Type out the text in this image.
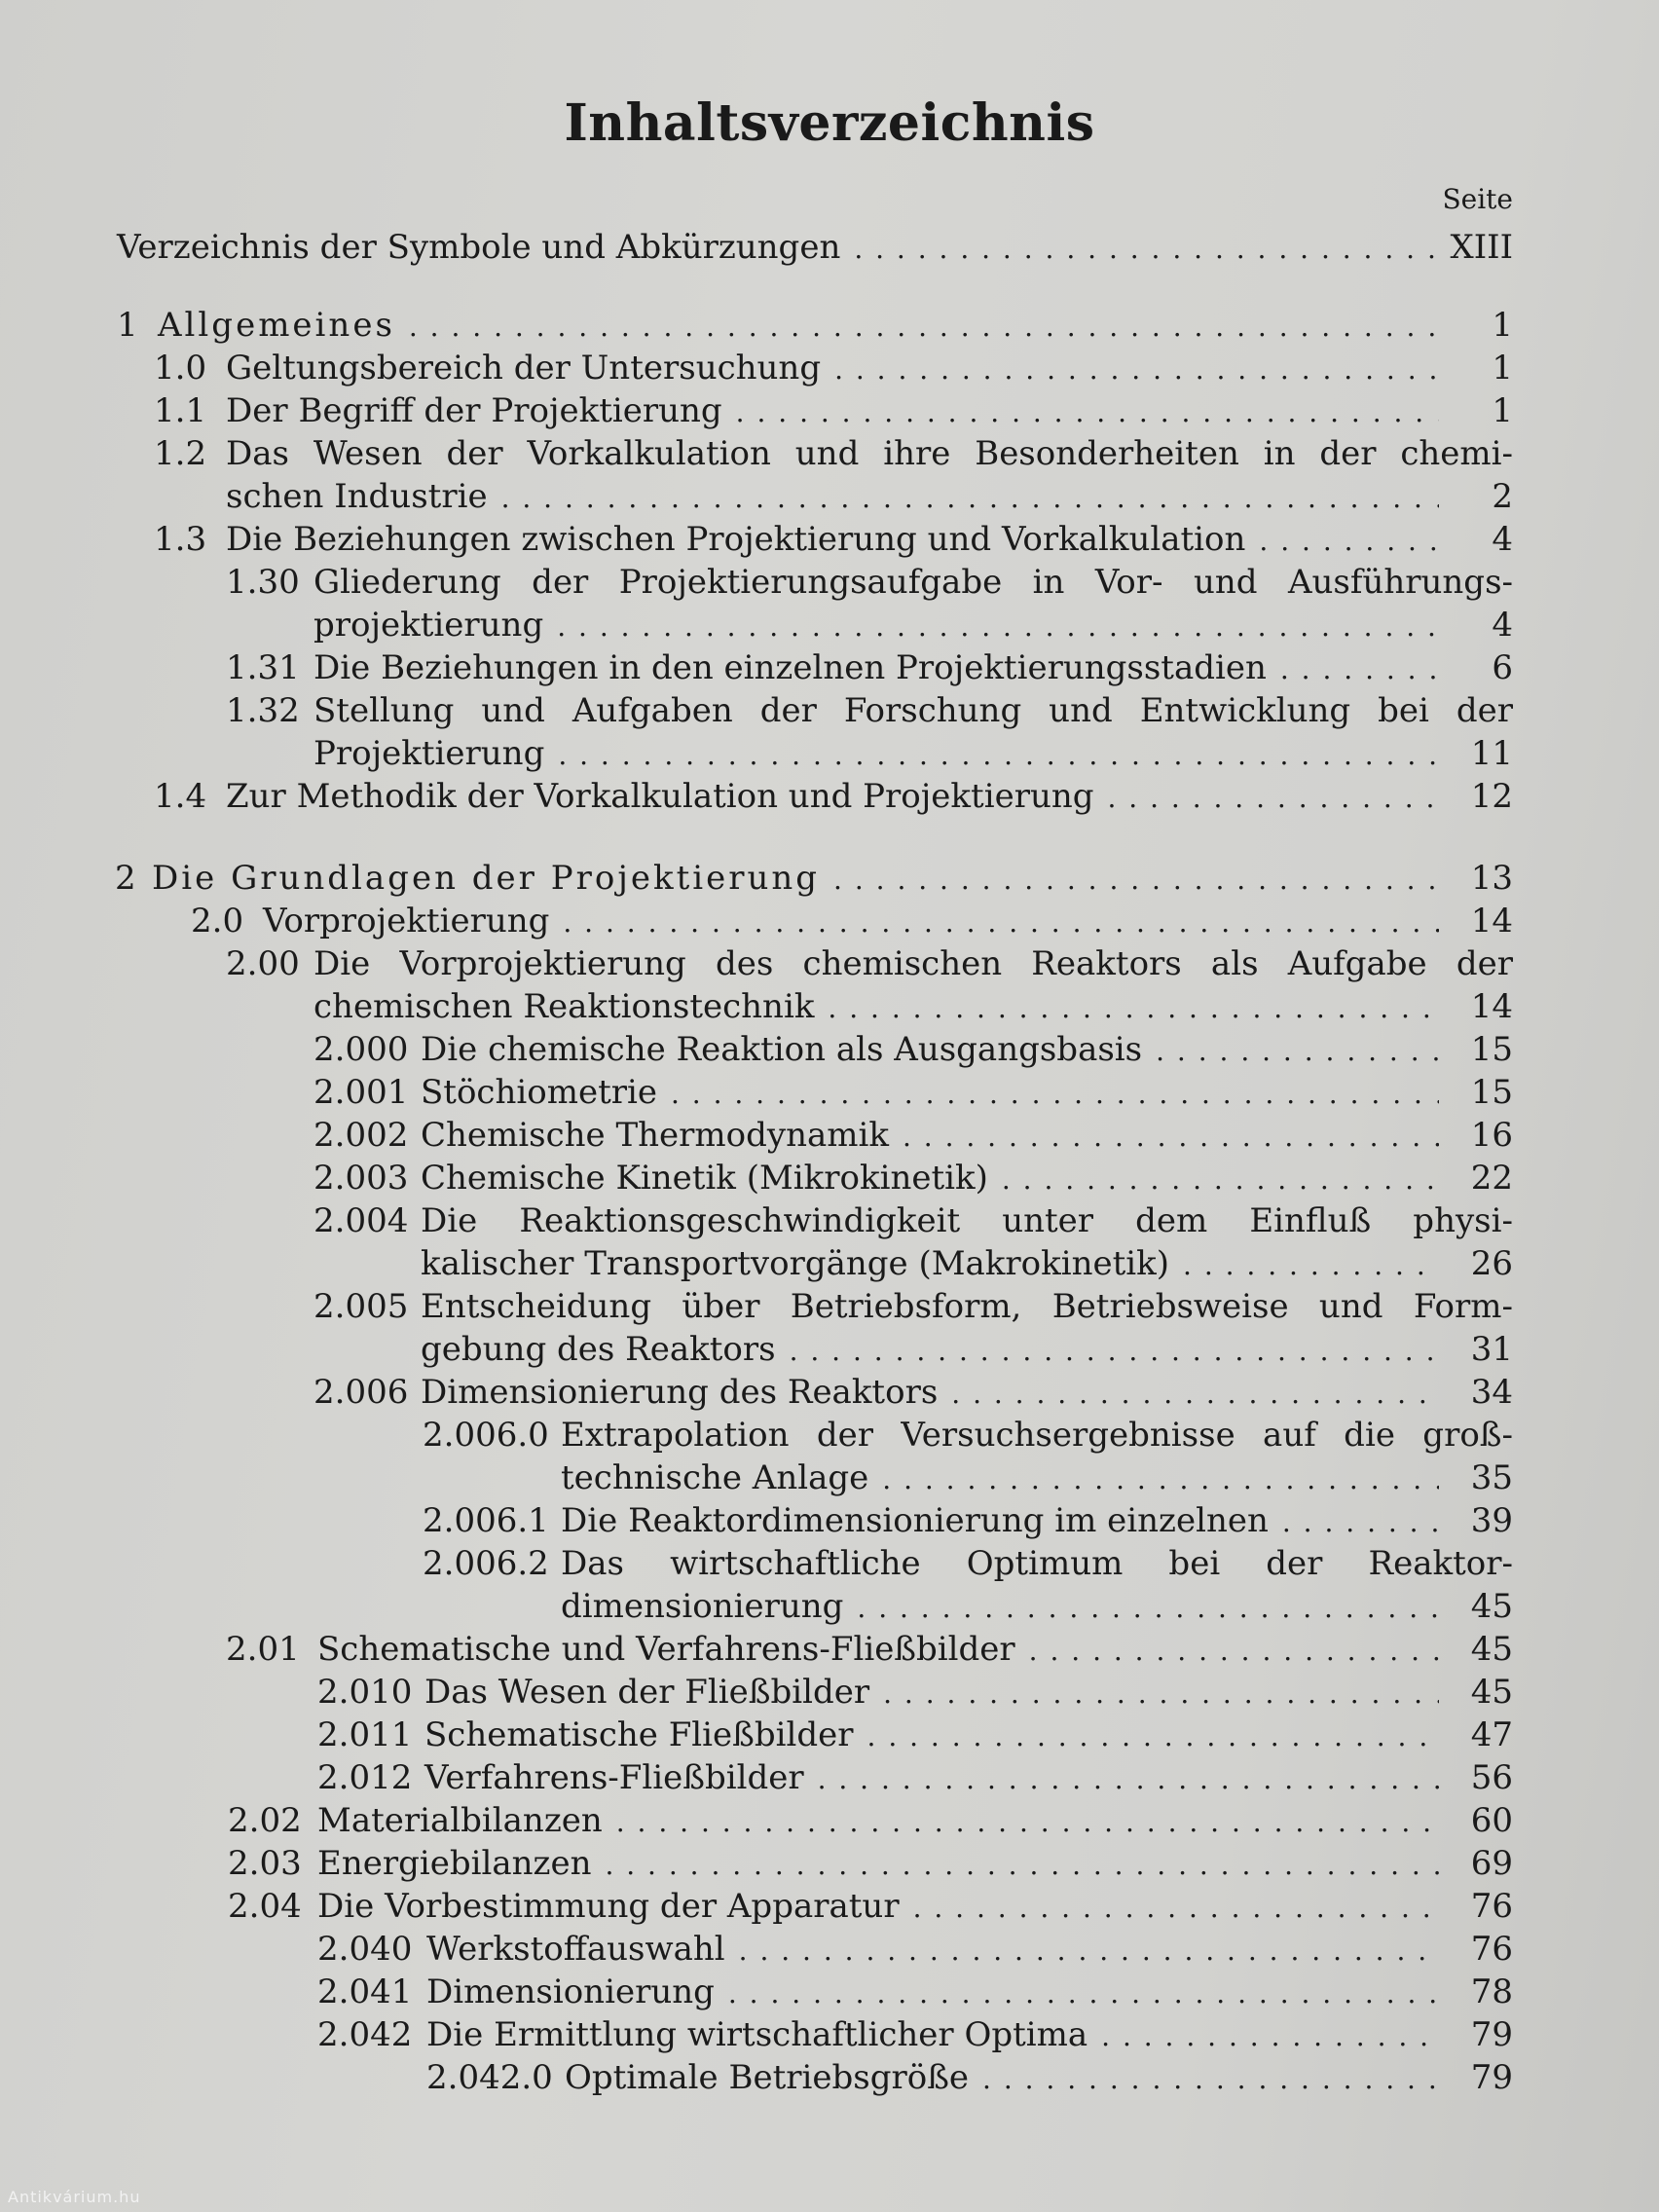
Inhaltsverzeichnis
Seite
Verzeichnis der Symbole und Abkürzungen . . .	XIII
1 Allgemeines . . .	1
1.0 Geltungsbereich der Untersuchung . . .	1
1.1 Der Begriff der Projektierung . . .	1
1.2 Das Wesen der Vorkalkulation und ihre Besonderheiten in der chemi-
schen Industrie . . .	2
1.3 Die Beziehungen zwischen Projektierung und Vorkalkulation . . .	4
1.30 Gliederung der Projektierungsaufgabe in Vor- und Ausführungs-
projektierung . . .	4
1.31 Die Beziehungen in den einzelnen Projektierungsstadien . . .	6
1.32 Stellung und Aufgaben der Forschung und Entwicklung bei der
Projektierung . . .	11
1.4 Zur Methodik der Vorkalkulation und Projektierung . . .	12
2 Die Grundlagen der Projektierung . . .	13
2.0 Vorprojektierung . . .	14
2.00 Die Vorprojektierung des chemischen Reaktors als Aufgabe der
chemischen Reaktionstechnik . . .	14
2.000 Die chemische Reaktion als Ausgangsbasis . . .	15
2.001 Stöchiometrie . . .	15
2.002 Chemische Thermodynamik . . .	16
2.003 Chemische Kinetik (Mikrokinetik) . . .	22
2.004 Die Reaktionsgeschwindigkeit unter dem Einfluß physi-
kalischer Transportvorgänge (Makrokinetik) . . .	26
2.005 Entscheidung über Betriebsform, Betriebsweise und Form-
gebung des Reaktors . . .	31
2.006 Dimensionierung des Reaktors . . .	34
2.006.0 Extrapolation der Versuchsergebnisse auf die groß-
technische Anlage . . .	35
2.006.1 Die Reaktordimensionierung im einzelnen . . .	39
2.006.2 Das wirtschaftliche Optimum bei der Reaktor-
dimensionierung . . .	45
2.01 Schematische und Verfahrens-Fließbilder . . .	45
2.010 Das Wesen der Fließbilder . . .	45
2.011 Schematische Fließbilder . . .	47
2.012 Verfahrens-Fließbilder . . .	56
2.02 Materialbilanzen . . .	60
2.03 Energiebilanzen . . .	69
2.04 Die Vorbestimmung der Apparatur . . .	76
2.040 Werkstoffauswahl . . .	76
2.041 Dimensionierung . . .	78
2.042 Die Ermittlung wirtschaftlicher Optima . . .	79
2.042.0 Optimale Betriebsgröße . . .	79
Antikvárium.hu
